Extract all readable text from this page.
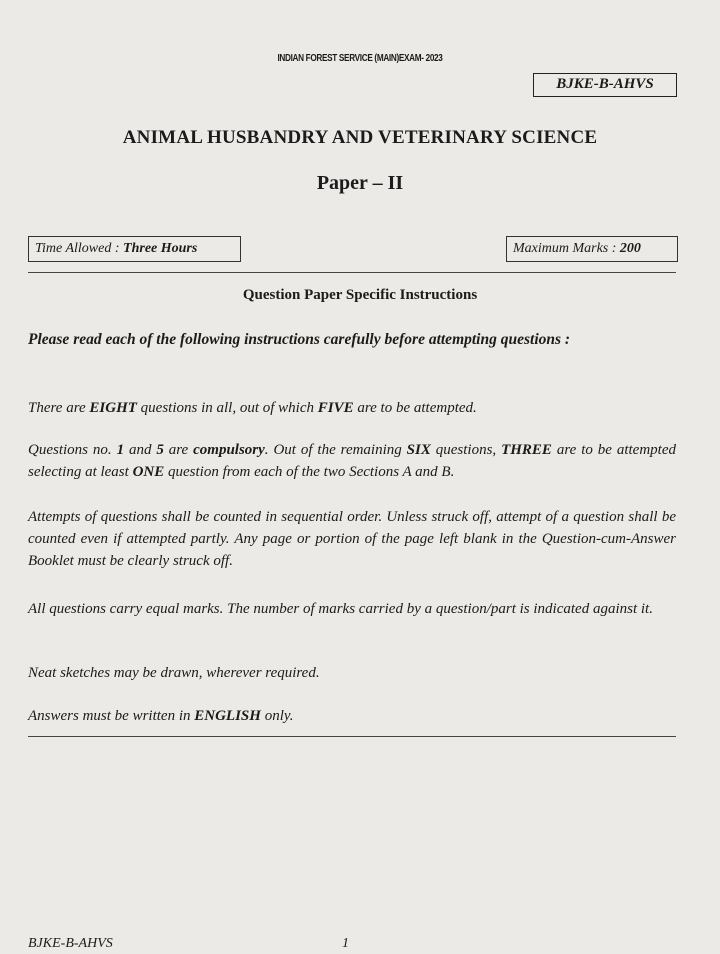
INDIAN FOREST SERVICE (MAIN)EXAM- 2023
BJKE-B-AHVS
ANIMAL HUSBANDRY AND VETERINARY SCIENCE
Paper – II
Time Allowed : Three Hours	Maximum Marks : 200
Question Paper Specific Instructions

Please read each of the following instructions carefully before attempting questions :

There are EIGHT questions in all, out of which FIVE are to be attempted.

Questions no. 1 and 5 are compulsory. Out of the remaining SIX questions, THREE are to be attempted selecting at least ONE question from each of the two Sections A and B.

Attempts of questions shall be counted in sequential order. Unless struck off, attempt of a question shall be counted even if attempted partly. Any page or portion of the page left blank in the Question-cum-Answer Booklet must be clearly struck off.

All questions carry equal marks. The number of marks carried by a question/part is indicated against it.

Neat sketches may be drawn, wherever required.

Answers must be written in ENGLISH only.

BJKE-B-AHVS	1
